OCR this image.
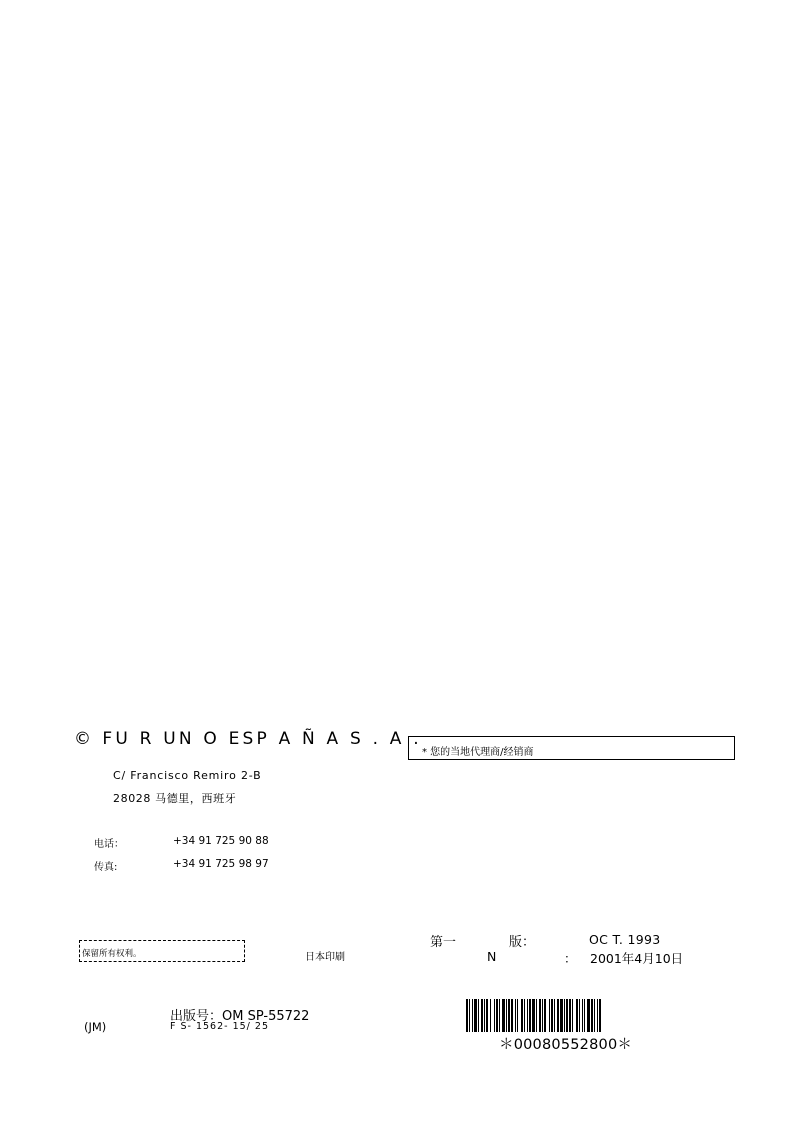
© FU R UN O ESP A Ñ A S . A .
C/ Francisco Remiro 2-B
28028 马德里，西班牙
电话：	+34 91 725 90 88
传真:	+34 91 725 98 97
* 您的当地代理商/经销商
保留所有权利。	日本印刷
第一	版：	OC T. 1993
N	： 2001年4月10日
出版号：OM SP-55722
F S- 1562- 15/ 25
(JM)
＊00080552800＊
